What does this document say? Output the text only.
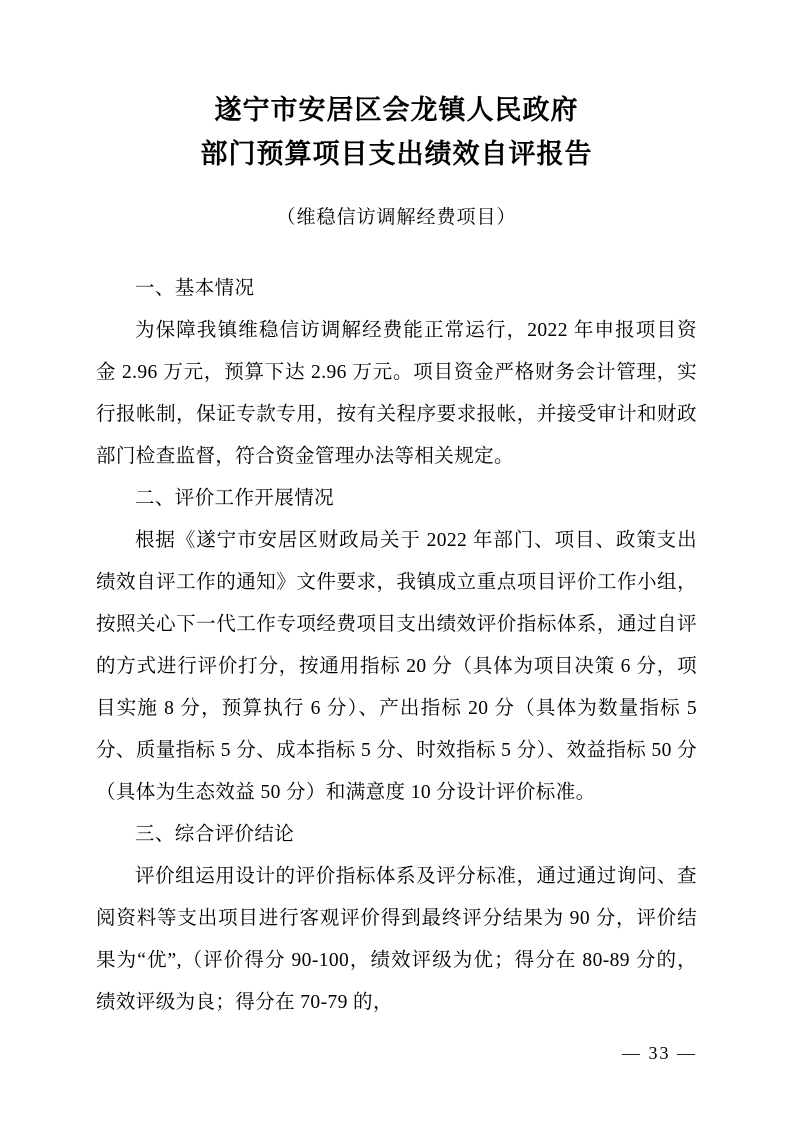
遂宁市安居区会龙镇人民政府
部门预算项目支出绩效自评报告
（维稳信访调解经费项目）

一、基本情况

为保障我镇维稳信访调解经费能正常运行，2022 年申报项目资金 2.96 万元，预算下达 2.96 万元。项目资金严格财务会计管理，实行报帐制，保证专款专用，按有关程序要求报帐，并接受审计和财政部门检查监督，符合资金管理办法等相关规定。

二、评价工作开展情况

根据《遂宁市安居区财政局关于 2022 年部门、项目、政策支出绩效自评工作的通知》文件要求，我镇成立重点项目评价工作小组，按照关心下一代工作专项经费项目支出绩效评价指标体系，通过自评的方式进行评价打分，按通用指标 20 分（具体为项目决策 6 分，项目实施 8 分，预算执行 6 分）、产出指标 20 分（具体为数量指标 5 分、质量指标 5 分、成本指标 5 分、时效指标 5 分）、效益指标 50 分（具体为生态效益 50 分）和满意度 10 分设计评价标准。

三、综合评价结论

评价组运用设计的评价指标体系及评分标准，通过通过询问、查阅资料等支出项目进行客观评价得到最终评分结果为 90 分，评价结果为“优”,（评价得分 90-100，绩效评级为优；得分在 80-89 分的，绩效评级为良；得分在 70-79 的，

— 33 —
